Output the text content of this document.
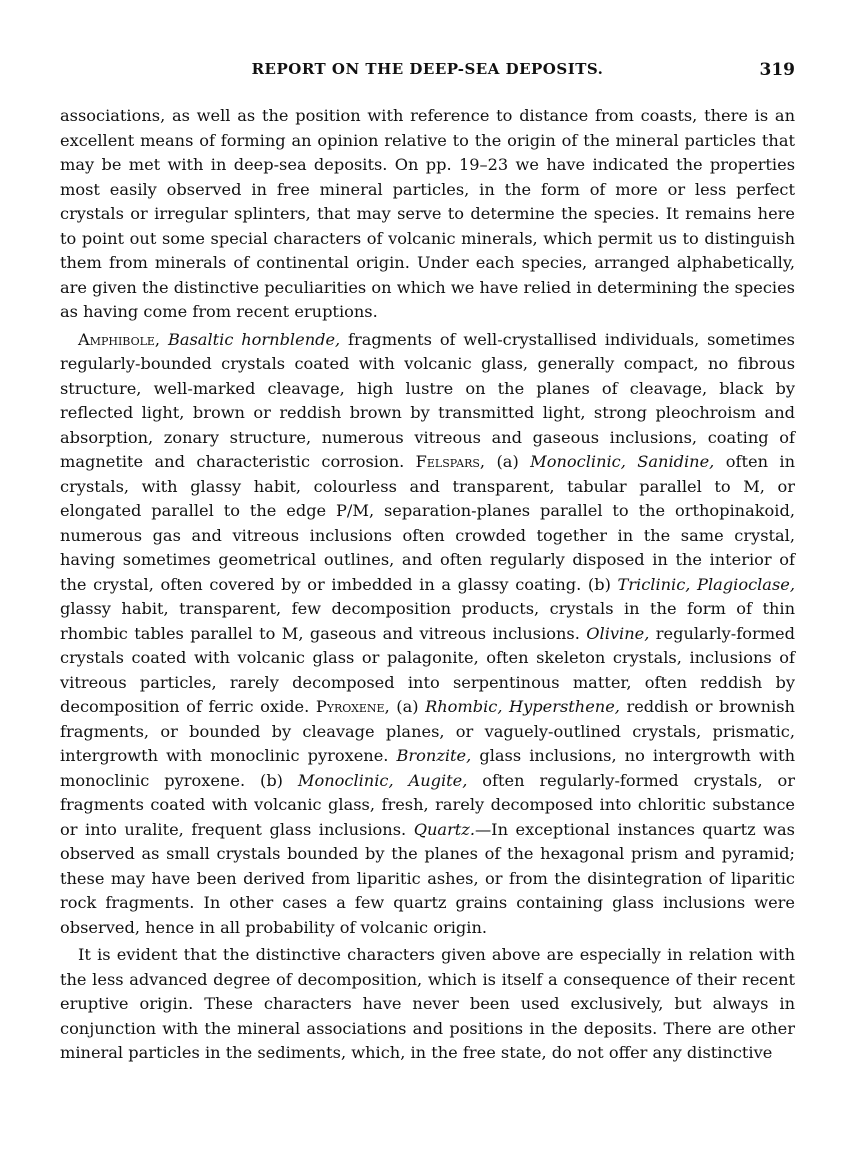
REPORT ON THE DEEP-SEA DEPOSITS.	319

associations, as well as the position with reference to distance from coasts, there is an excellent means of forming an opinion relative to the origin of the mineral particles that may be met with in deep-sea deposits. On pp. 19–23 we have indicated the properties most easily observed in free mineral particles, in the form of more or less perfect crystals or irregular splinters, that may serve to determine the species. It remains here to point out some special characters of volcanic minerals, which permit us to distinguish them from minerals of continental origin. Under each species, arranged alphabetically, are given the distinctive peculiarities on which we have relied in determining the species as having come from recent eruptions.

Amphibole, Basaltic hornblende, fragments of well-crystallised individuals, sometimes regularly-bounded crystals coated with volcanic glass, generally compact, no fibrous structure, well-marked cleavage, high lustre on the planes of cleavage, black by reflected light, brown or reddish brown by transmitted light, strong pleochroism and absorption, zonary structure, numerous vitreous and gaseous inclusions, coating of magnetite and characteristic corrosion. Felspars, (a) Monoclinic, Sanidine, often in crystals, with glassy habit, colourless and transparent, tabular parallel to M, or elongated parallel to the edge P/M, separation-planes parallel to the orthopinakoid, numerous gas and vitreous inclusions often crowded together in the same crystal, having sometimes geometrical outlines, and often regularly disposed in the interior of the crystal, often covered by or imbedded in a glassy coating. (b) Triclinic, Plagioclase, glassy habit, transparent, few decomposition products, crystals in the form of thin rhombic tables parallel to M, gaseous and vitreous inclusions. Olivine, regularly-formed crystals coated with volcanic glass or palagonite, often skeleton crystals, inclusions of vitreous particles, rarely decomposed into serpentinous matter, often reddish by decomposition of ferric oxide. Pyroxene, (a) Rhombic, Hypersthene, reddish or brownish fragments, or bounded by cleavage planes, or vaguely-outlined crystals, prismatic, intergrowth with monoclinic pyroxene. Bronzite, glass inclusions, no intergrowth with monoclinic pyroxene. (b) Monoclinic, Augite, often regularly-formed crystals, or fragments coated with volcanic glass, fresh, rarely decomposed into chloritic substance or into uralite, frequent glass inclusions. Quartz.—In exceptional instances quartz was observed as small crystals bounded by the planes of the hexagonal prism and pyramid; these may have been derived from liparitic ashes, or from the disintegration of liparitic rock fragments. In other cases a few quartz grains containing glass inclusions were observed, hence in all probability of volcanic origin.

It is evident that the distinctive characters given above are especially in relation with the less advanced degree of decomposition, which is itself a consequence of their recent eruptive origin. These characters have never been used exclusively, but always in conjunction with the mineral associations and positions in the deposits. There are other mineral particles in the sediments, which, in the free state, do not offer any distinctive
